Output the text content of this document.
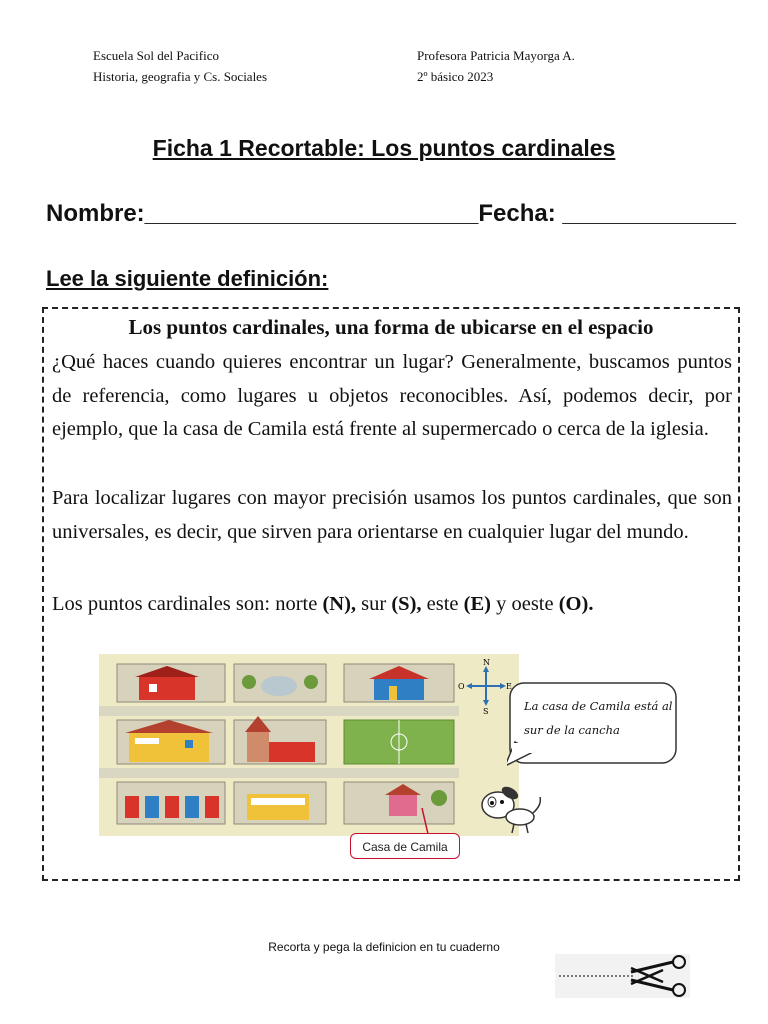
Escuela Sol del Pacifico
Historia, geografia y Cs. Sociales
Profesora Patricia Mayorga A.
2º básico 2023
Ficha 1 Recortable: Los puntos cardinales
Nombre:_________________________Fecha: _____________
Lee la siguiente definición:
Los puntos cardinales, una forma de ubicarse en el espacio
¿Qué haces cuando quieres encontrar un lugar? Generalmente, buscamos puntos de referencia, como lugares u objetos reconocibles. Así, podemos decir, por ejemplo, que la casa de Camila está frente al supermercado o cerca de la iglesia.
Para localizar lugares con mayor precisión usamos los puntos cardinales, que son universales, es decir, que sirven para orientarse en cualquier lugar del mundo.
Los puntos cardinales son: norte (N), sur (S), este (E) y oeste (O).
N
S
E
O
La casa de Camila está al sur de la cancha
Casa de Camila
Recorta y pega la definicion en tu cuaderno
